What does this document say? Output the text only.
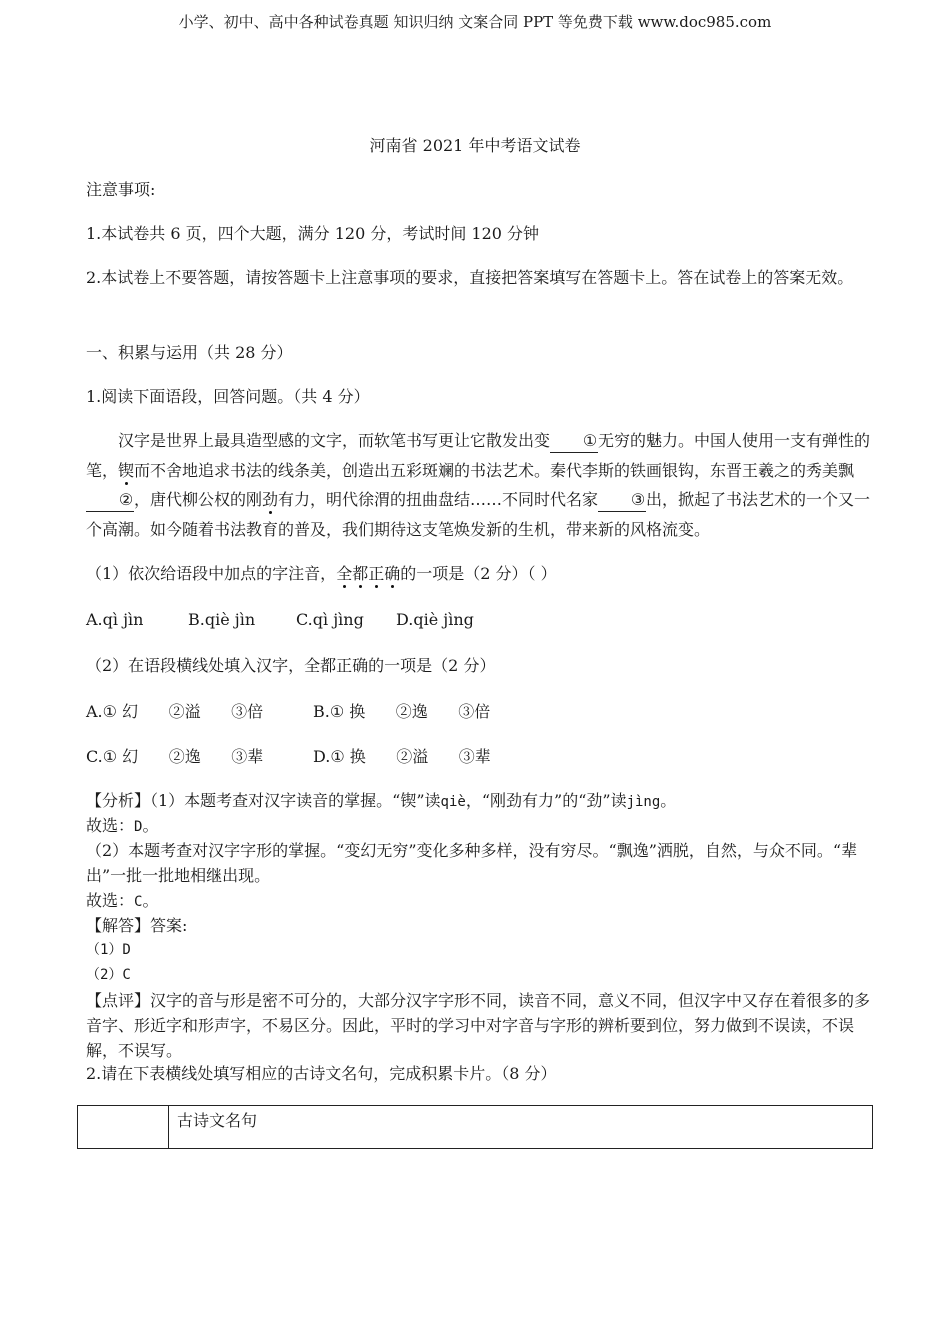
小学、初中、高中各种试卷真题 知识归纳 文案合同 PPT 等免费下载 www.doc985.com
河南省 2021 年中考语文试卷
注意事项:
1.本试卷共 6 页，四个大题，满分 120 分，考试时间 120 分钟
2.本试卷上不要答题，请按答题卡上注意事项的要求，直接把答案填写在答题卡上。答在试卷上的答案无效。
一、积累与运用（共 28 分）
1.阅读下面语段，回答问题。（共 4 分）
汉字是世界上最具造型感的文字，而软笔书写更让它散发出变 ①无穷的魅力。中国人使用一支有弹性的笔，锲而不舍地追求书法的线条美，创造出五彩斑斓的书法艺术。秦代李斯的铁画银钩，东晋王羲之的秀美飘②，唐代柳公权的刚劲有力，明代徐渭的扭曲盘结……不同时代名家 ③出，掀起了书法艺术的一个又一个高潮。如今随着书法教育的普及，我们期待这支笔焕发新的生机，带来新的风格流变。
（1）依次给语段中加点的字注音，全都正确的一项是（2 分）（ ）
A.qì jìn	B.qiè jìn	C.qì jìng D.qiè jìng
（2）在语段横线处填入汉字，全都正确的一项是（2 分）
A.① 幻      ②溢      ③倍	B.① 换      ②逸      ③倍
C.① 幻      ②逸      ③辈	D.① 换      ②溢      ③辈
【分析】（1）本题考查对汉字读音的掌握。“锲”读qiè，“刚劲有力”的“劲”读jìng。
故选：D。
（2）本题考查对汉字字形的掌握。“变幻无穷”变化多种多样，没有穷尽。“飘逸”洒脱，自然，与众不同。“辈出”一批一批地相继出现。
故选：C。
【解答】答案:
（1）D
（2）C
【点评】汉字的音与形是密不可分的，大部分汉字字形不同，读音不同，意义不同，但汉字中又存在着很多的多音字、形近字和形声字，不易区分。因此，平时的学习中对字音与字形的辨析要到位，努力做到不误读，不误解，不误写。
2.请在下表横线处填写相应的古诗文名句，完成积累卡片。（8 分）
	古诗文名句
